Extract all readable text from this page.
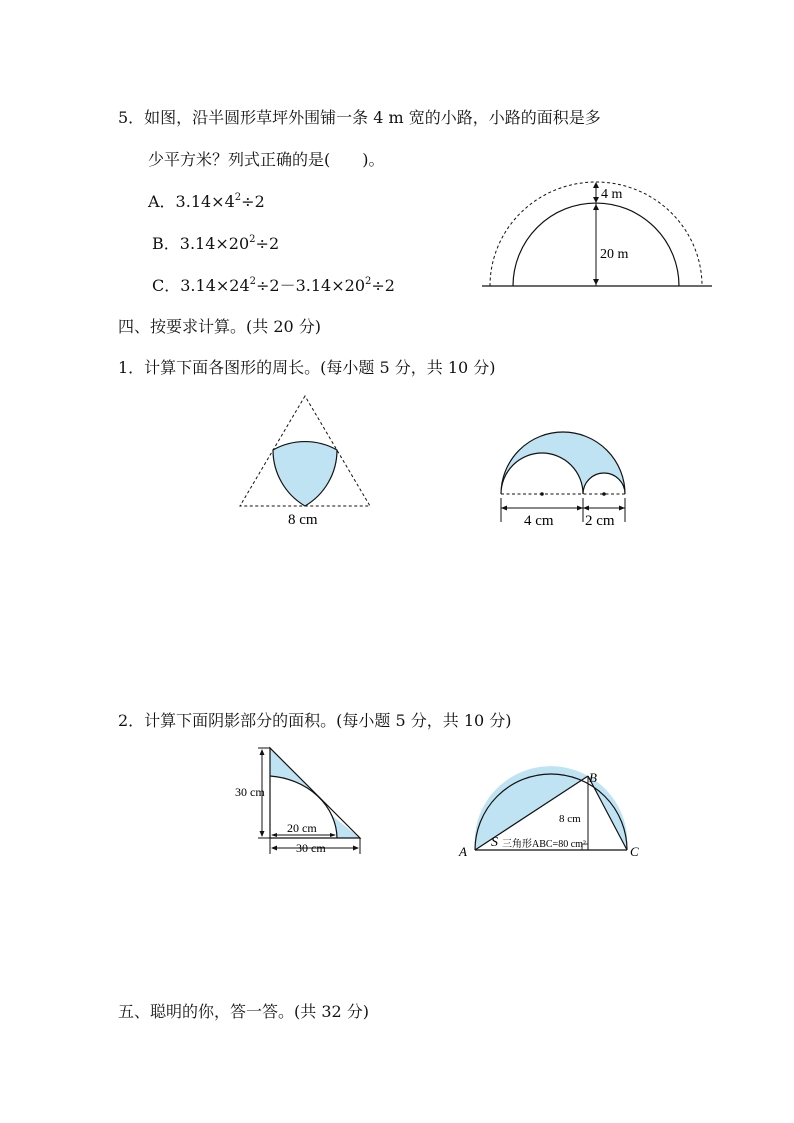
5．如图，沿半圆形草坪外围铺一条 4 m 宽的小路，小路的面积是多
少平方米？列式正确的是(　　)。
A．$3.14\times 4^2\div 2$
B．$3.14\times 20^2\div 2$
C．$3.14\times 24^2\div 2-3.14\times 20^2\div 2$
4 m
20 m
四、按要求计算。(共 20 分)
1．计算下面各图形的周长。(每小题 5 分，共 10 分)
8 cm	4 cm 2 cm
2．计算下面阴影部分的面积。(每小题 5 分，共 10 分)
30 cm
20 cm
30 cm	A
B
C
8 cm
S 三角形ABC=80 cm²
五、聪明的你，答一答。(共 32 分)
